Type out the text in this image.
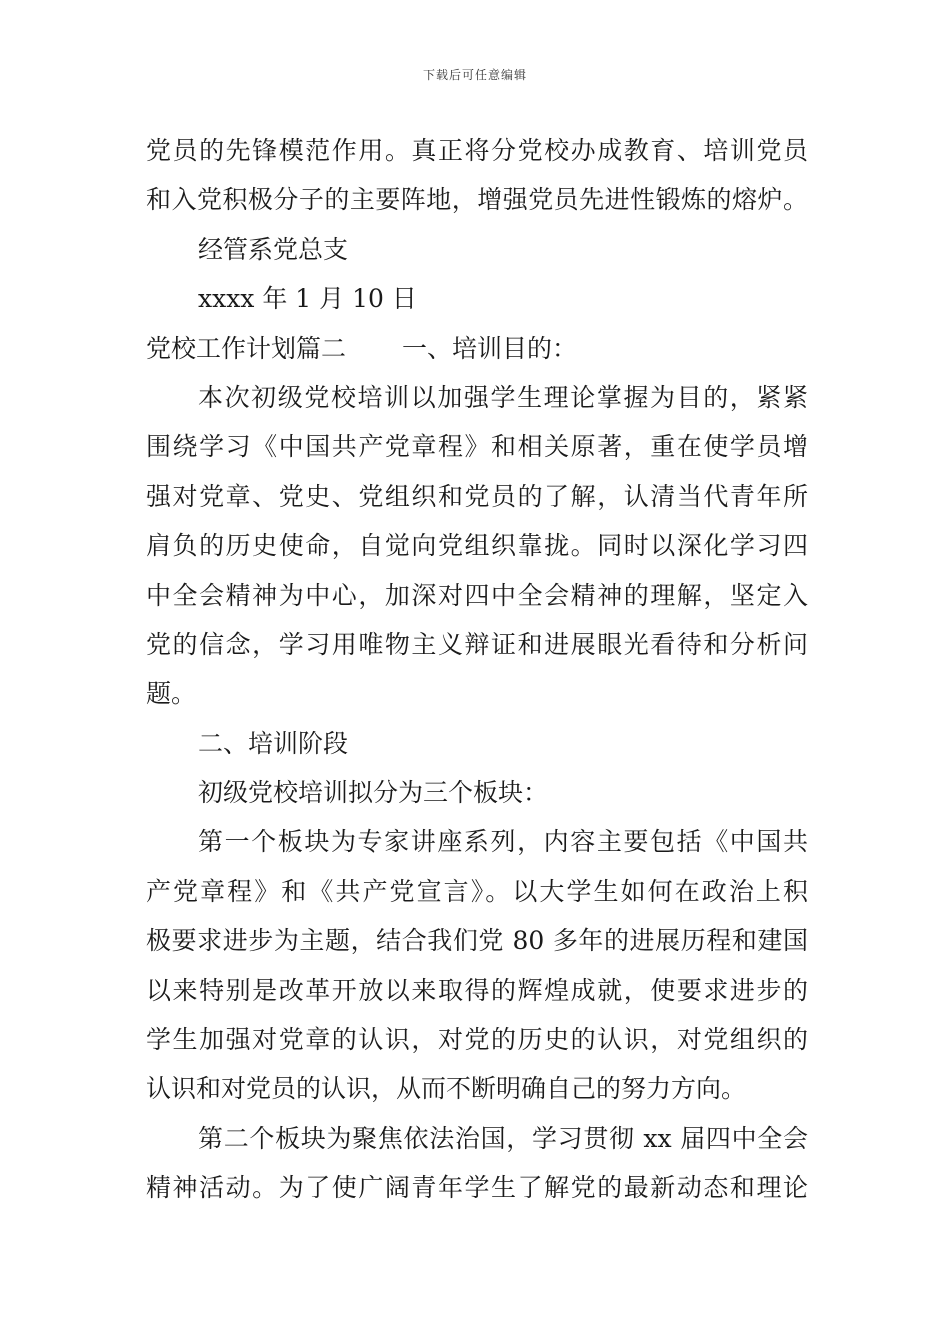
下载后可任意编辑
党员的先锋模范作用。真正将分党校办成教育、培训党员
和入党积极分子的主要阵地，增强党员先进性锻炼的熔炉。
经管系党总支
xxxx 年 1 月 10 日
党校工作计划篇二 一、培训目的：
本次初级党校培训以加强学生理论掌握为目的，紧紧
围绕学习《中国共产党章程》和相关原著，重在使学员增
强对党章、党史、党组织和党员的了解，认清当代青年所
肩负的历史使命，自觉向党组织靠拢。同时以深化学习四
中全会精神为中心，加深对四中全会精神的理解，坚定入
党的信念，学习用唯物主义辩证和进展眼光看待和分析问
题。
二、培训阶段
初级党校培训拟分为三个板块：
第一个板块为专家讲座系列，内容主要包括《中国共
产党章程》和《共产党宣言》。以大学生如何在政治上积
极要求进步为主题，结合我们党 80 多年的进展历程和建国
以来特别是改革开放以来取得的辉煌成就，使要求进步的
学生加强对党章的认识，对党的历史的认识，对党组织的
认识和对党员的认识，从而不断明确自己的努力方向。
第二个板块为聚焦依法治国，学习贯彻 xx 届四中全会
精神活动。为了使广阔青年学生了解党的最新动态和理论
